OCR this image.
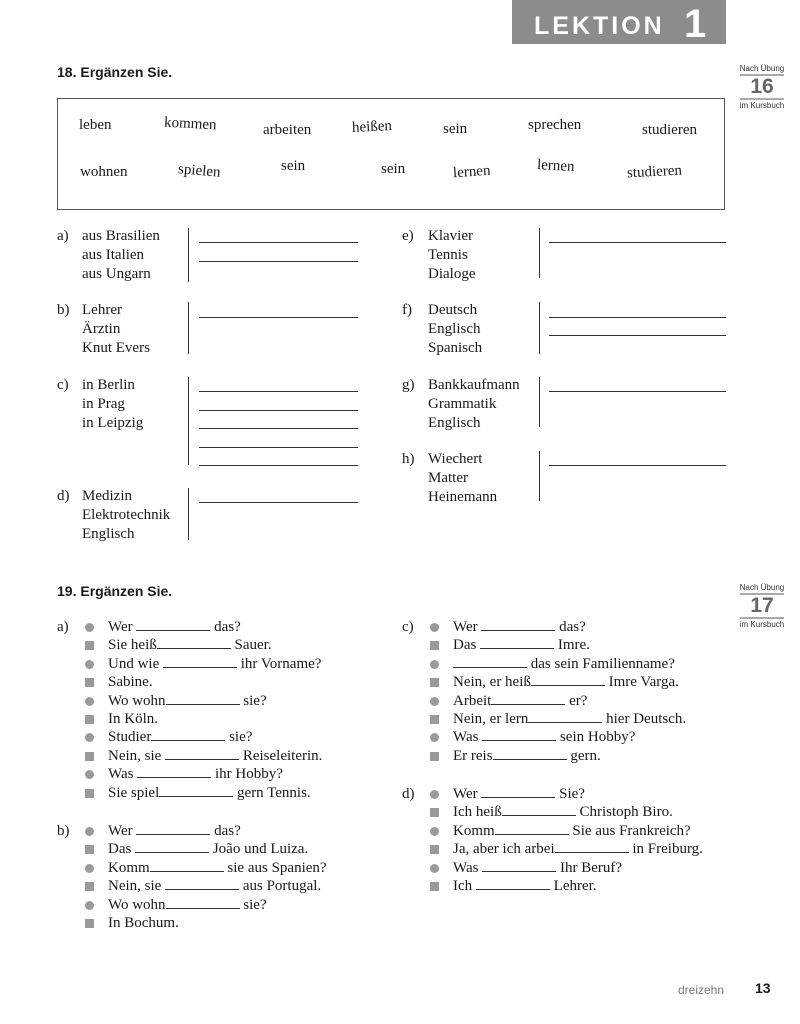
LEKTION 1
Nach Übung
16
im Kursbuch
Nach Übung
17
im Kursbuch
18. Ergänzen Sie.
leben	kommen	arbeiten	heißen	sein	sprechen	studieren
wohnen	spielen	sein	sein	lernen	lernen	studieren
a) aus Brasilien
aus Italien
aus Ungarn
b) Lehrer
Ärztin
Knut Evers
c) in Berlin
in Prag
in Leipzig
d) Medizin
Elektrotechnik
Englisch
e) Klavier
Tennis
Dialoge
f) Deutsch
Englisch
Spanisch
g) Bankkaufmann
Grammatik
Englisch
h) Wiechert
Matter
Heinemann
19. Ergänzen Sie.
a)	Wer	das?
Sie heiß	Sauer.
Und wie	ihr Vorname?
Sabine.
Wo wohn	sie?
In Köln.
Studier	sie?
Nein, sie	Reiseleiterin.
Was	ihr Hobby?
Sie spiel	gern Tennis.
b)	Wer	das?
Das	João und Luiza.
Komm	sie aus Spanien?
Nein, sie	aus Portugal.
Wo wohn	sie?
In Bochum.
c)	Wer	das?
Das	Imre.
das sein Familienname?
Nein, er heiß	Imre Varga.
Arbeit	er?
Nein, er lern	hier Deutsch.
Was	sein Hobby?
Er reis	gern.
d)	Wer	Sie?
Ich heiß	Christoph Biro.
Komm	Sie aus Frankreich?
Ja, aber ich arbei	in Freiburg.
Was	Ihr Beruf?
Ich	Lehrer.
dreizehn 13
